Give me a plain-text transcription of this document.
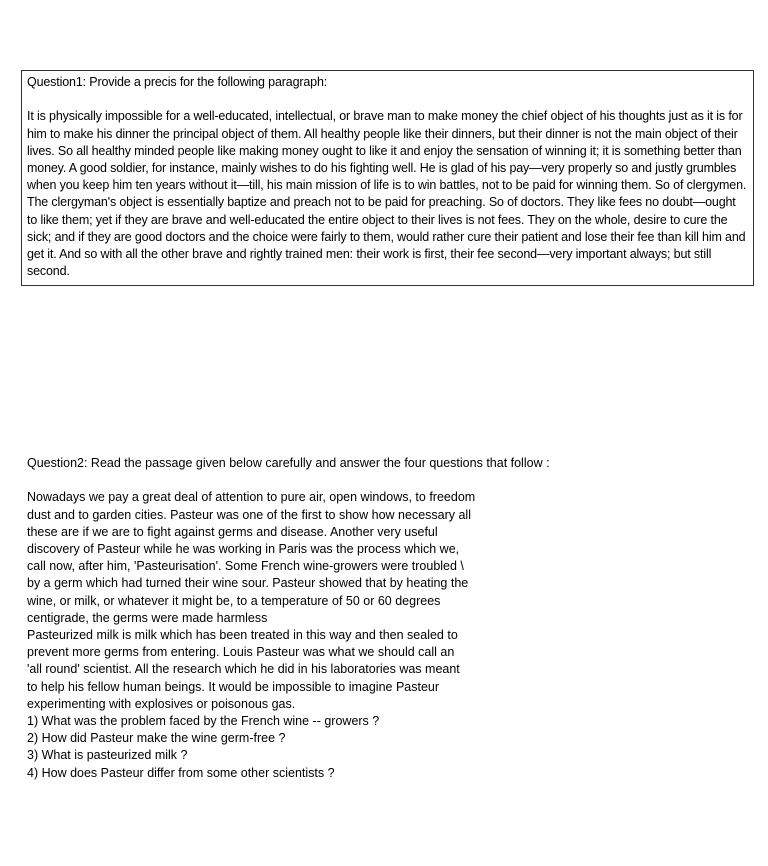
Question1: Provide a precis for the following paragraph:

It is physically impossible for a well-educated, intellectual, or brave man to make money the chief object of his thoughts just as it is for him to make his dinner the principal object of them. All healthy people like their dinners, but their dinner is not the main object of their lives. So all healthy minded people like making money ought to like it and enjoy the sensation of winning it; it is something better than money. A good soldier, for instance, mainly wishes to do his fighting well. He is glad of his pay—very properly so and justly grumbles when you keep him ten years without it—till, his main mission of life is to win battles, not to be paid for winning them. So of clergymen. The clergyman's object is essentially baptize and preach not to be paid for preaching. So of doctors. They like fees no doubt—ought to like them; yet if they are brave and well-educated the entire object to their lives is not fees. They on the whole, desire to cure the sick; and if they are good doctors and the choice were fairly to them, would rather cure their patient and lose their fee than kill him and get it. And so with all the other brave and rightly trained men: their work is first, their fee second—very important always; but still second.

Question2: Read the passage given below carefully and answer the four questions that follow :

Nowadays we pay a great deal of attention to pure air, open windows, to freedom
dust and to garden cities. Pasteur was one of the first to show how necessary all
these are if we are to fight against germs and disease. Another very useful
discovery of Pasteur while he was working in Paris was the process which we,
call now, after him, 'Pasteurisation'. Some French wine-growers were troubled \
by a germ which had turned their wine sour. Pasteur showed that by heating the
wine, or milk, or whatever it might be, to a temperature of 50 or 60 degrees
centigrade, the germs were made harmless
Pasteurized milk is milk which has been treated in this way and then sealed to
prevent more germs from entering. Louis Pasteur was what we should call an
'all round' scientist. All the research which he did in his laboratories was meant
to help his fellow human beings. It would be impossible to imagine Pasteur
experimenting with explosives or poisonous gas.
1) What was the problem faced by the French wine -- growers ?
2) How did Pasteur make the wine germ-free ?
3) What is pasteurized milk ?
4) How does Pasteur differ from some other scientists ?
